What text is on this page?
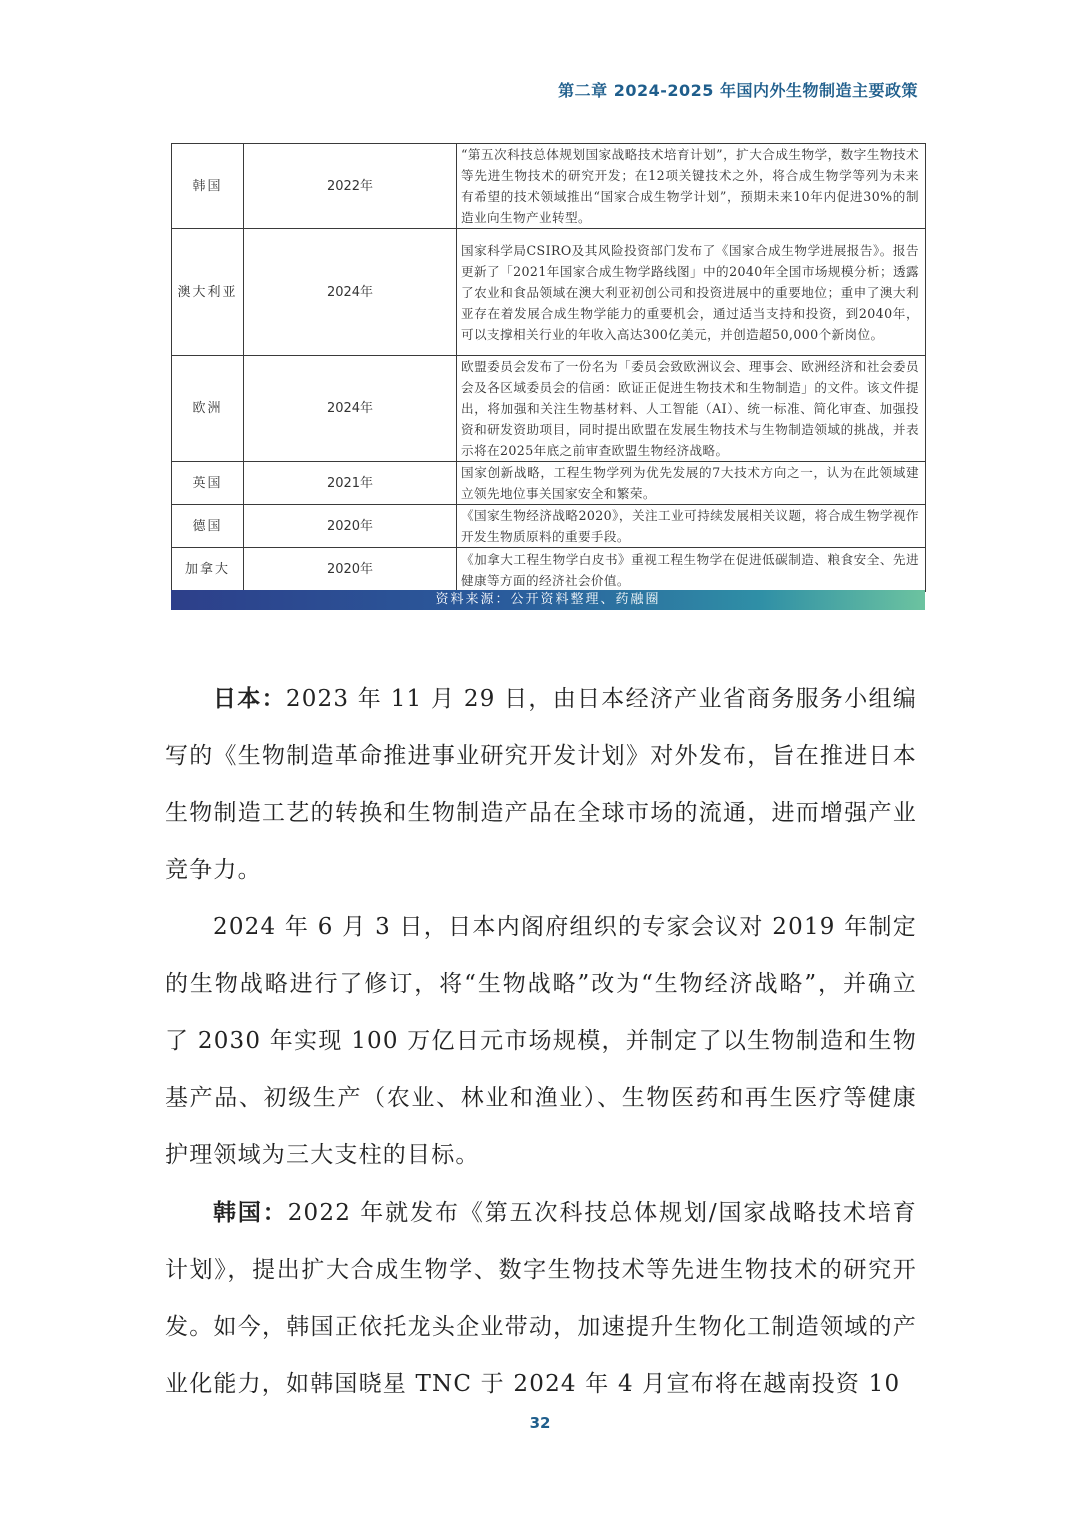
第二章 2024-2025 年国内外生物制造主要政策
韩国	2022年	“第五次科技总体规划国家战略技术培育计划”，扩大合成生物学，数字生物技术等先进生物技术的研究开发；在12项关键技术之外，将合成生物学等列为未来有希望的技术领域推出“国家合成生物学计划”，预期未来10年内促进30%的制造业向生物产业转型。
澳大利亚	2024年	国家科学局CSIRO及其风险投资部门发布了《国家合成生物学进展报告》。报告更新了「2021年国家合成生物学路线图」中的2040年全国市场规模分析；透露了农业和食品领域在澳大利亚初创公司和投资进展中的重要地位；重申了澳大利亚存在着发展合成生物学能力的重要机会，通过适当支持和投资，到2040年，可以支撑相关行业的年收入高达300亿美元，并创造超50,000个新岗位。
欧洲	2024年	欧盟委员会发布了一份名为「委员会致欧洲议会、理事会、欧洲经济和社会委员会及各区域委员会的信函：欧证正促进生物技术和生物制造」的文件。该文件提出，将加强和关注生物基材料、人工智能（AI）、统一标准、简化审查、加强投资和研发资助项目，同时提出欧盟在发展生物技术与生物制造领域的挑战，并表示将在2025年底之前审查欧盟生物经济战略。
英国	2021年	国家创新战略，工程生物学列为优先发展的7大技术方向之一，认为在此领域建立领先地位事关国家安全和繁荣。
德国	2020年	《国家生物经济战略2020》，关注工业可持续发展相关议题，将合成生物学视作开发生物质原料的重要手段。
加拿大	2020年	《加拿大工程生物学白皮书》重视工程生物学在促进低碳制造、粮食安全、先进健康等方面的经济社会价值。
资料来源：公开资料整理、药融圈

日本：2023 年 11 月 29 日，由日本经济产业省商务服务小组编写的《生物制造革命推进事业研究开发计划》对外发布，旨在推进日本生物制造工艺的转换和生物制造产品在全球市场的流通，进而增强产业竞争力。

2024 年 6 月 3 日，日本内阁府组织的专家会议对 2019 年制定的生物战略进行了修订，将“生物战略”改为“生物经济战略”，并确立了 2030 年实现 100 万亿日元市场规模，并制定了以生物制造和生物基产品、初级生产（农业、林业和渔业）、生物医药和再生医疗等健康护理领域为三大支柱的目标。

韩国：2022 年就发布《第五次科技总体规划/国家战略技术培育计划》，提出扩大合成生物学、数字生物技术等先进生物技术的研究开发。如今，韩国正依托龙头企业带动，加速提升生物化工制造领域的产业化能力，如韩国晓星 TNC 于 2024 年 4 月宣布将在越南投资 10

32
